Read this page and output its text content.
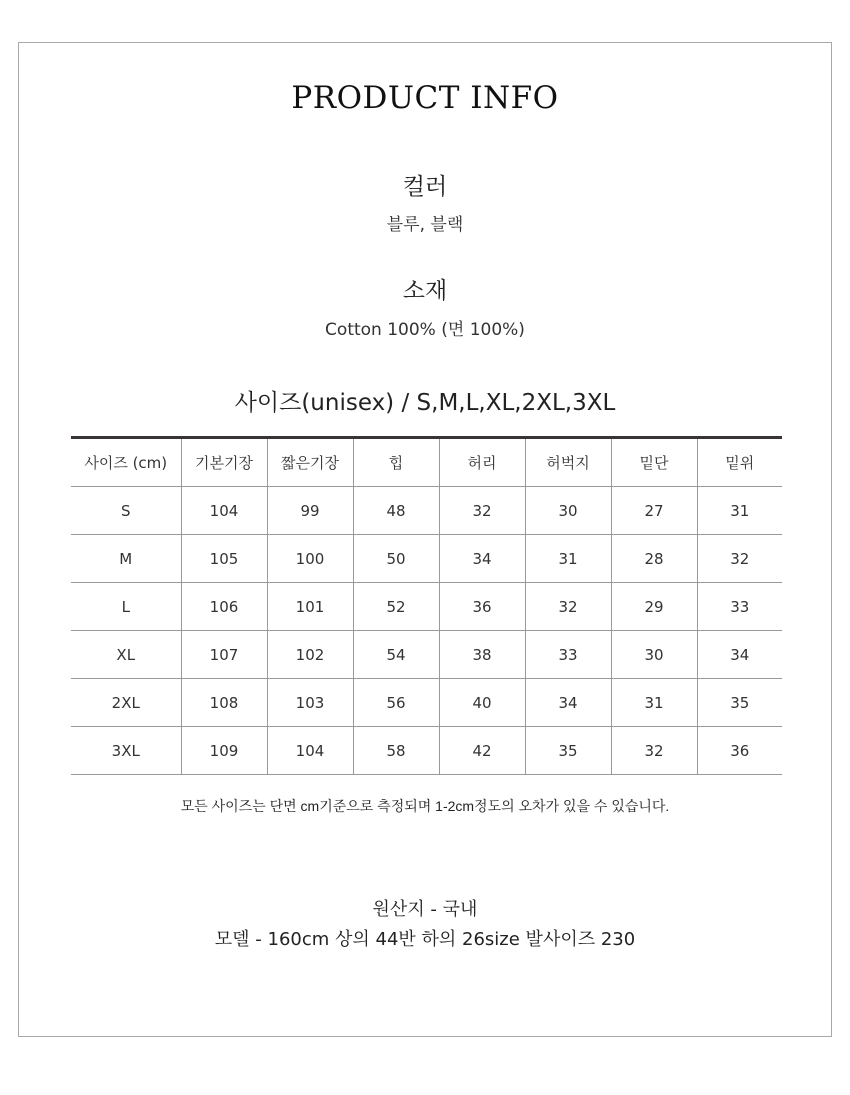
PRODUCT INFO
컬러
블루, 블랙
소재
Cotton 100% (면 100%)
사이즈(unisex) / S,M,L,XL,2XL,3XL
사이즈 (cm)	기본기장	짧은기장	힙	허리	허벅지	밑단	밑위
S	104	99	48	32	30	27	31
M	105	100	50	34	31	28	32
L	106	101	52	36	32	29	33
XL	107	102	54	38	33	30	34
2XL	108	103	56	40	34	31	35
3XL	109	104	58	42	35	32	36
모든 사이즈는 단면 cm기준으로 측정되며 1-2cm정도의 오차가 있을 수 있습니다.
원산지 - 국내
모델 - 160cm 상의 44반 하의 26size 발사이즈 230
